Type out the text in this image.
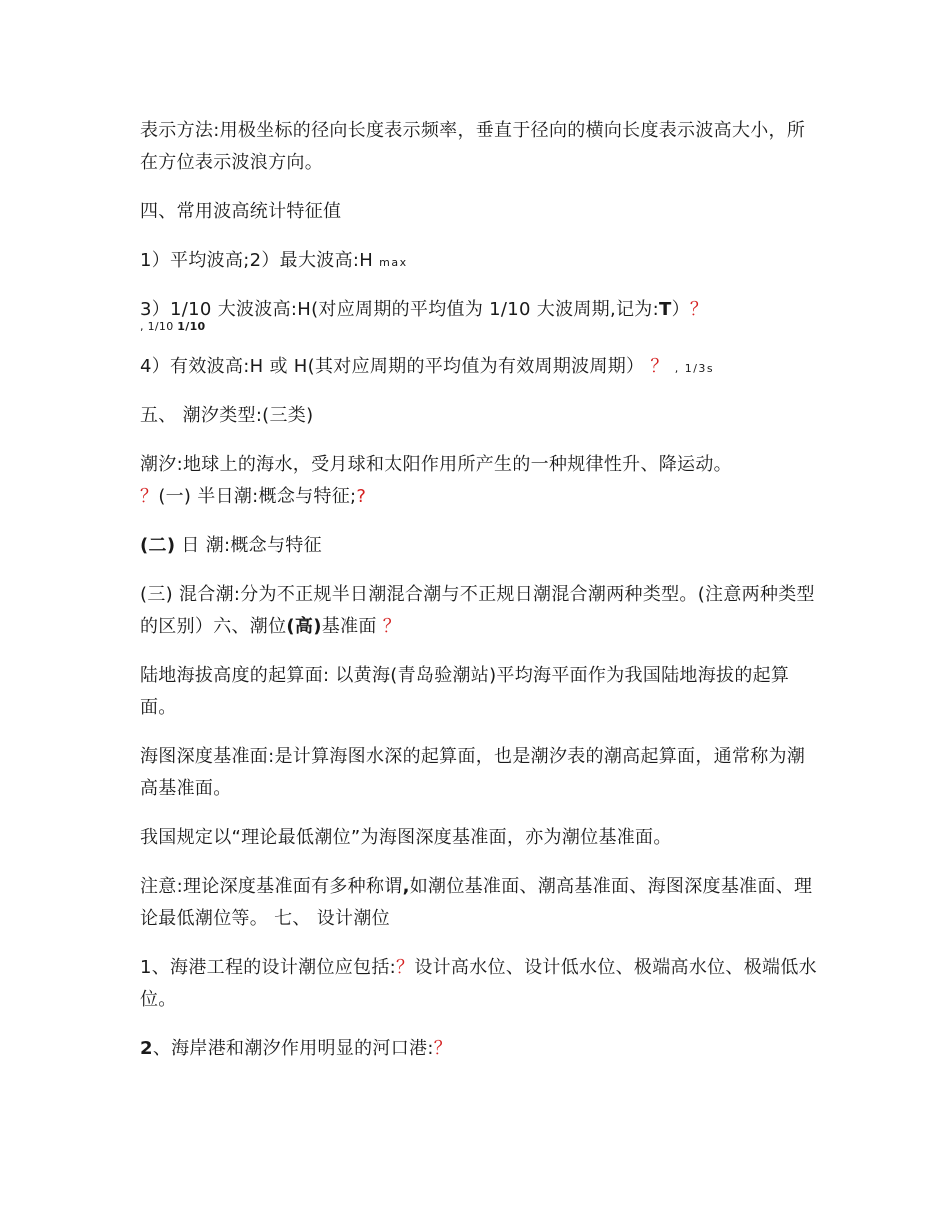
表示方法:用极坐标的径向长度表示频率，垂直于径向的横向长度表示波高大小，所在方位表示波浪方向。

四、常用波高统计特征值

1）平均波高;2）最大波高:H max

3）1/10 大波波高:H(对应周期的平均值为 1/10 大波周期,记为:T）？
, 1/10 1/10

4）有效波高:H 或 H(其对应周期的平均值为有效周期波周期） ？ , 1/3s

五、 潮汐类型:(三类)

潮汐:地球上的海水，受月球和太阳作用所产生的一种规律性升、降运动。
？(一) 半日潮:概念与特征;?

(二) 日 潮:概念与特征

(三) 混合潮:分为不正规半日潮混合潮与不正规日潮混合潮两种类型。(注意两种类型的区别）六、潮位(高)基准面 ？

陆地海拔高度的起算面: 以黄海(青岛验潮站)平均海平面作为我国陆地海拔的起算面。

海图深度基准面:是计算海图水深的起算面，也是潮汐表的潮高起算面，通常称为潮高基准面。

我国规定以“理论最低潮位”为海图深度基准面，亦为潮位基准面。

注意:理论深度基准面有多种称谓,如潮位基准面、潮高基准面、海图深度基准面、理论最低潮位等。 七、 设计潮位

1、海港工程的设计潮位应包括:？设计高水位、设计低水位、极端高水位、极端低水位。

2、海岸港和潮汐作用明显的河口港:？
